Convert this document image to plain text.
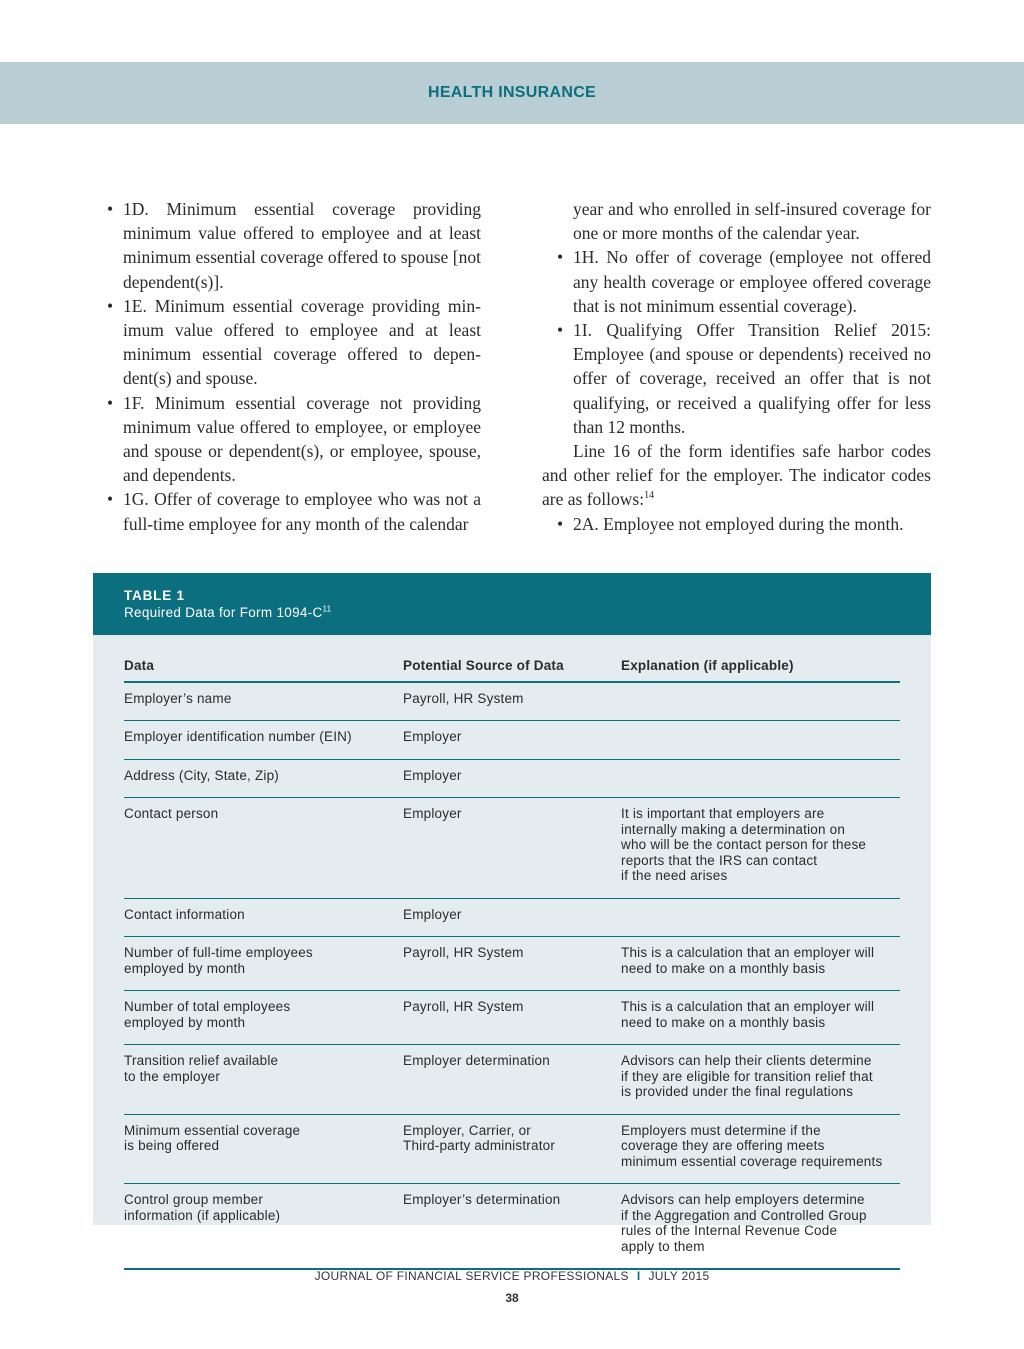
HEALTH INSURANCE
• 1D. Minimum essential coverage providing minimum value offered to employee and at least minimum essential coverage offered to spouse [not dependent(s)].
• 1E. Minimum essential coverage providing minimum value offered to employee and at least minimum essential coverage offered to dependent(s) and spouse.
• 1F. Minimum essential coverage not providing minimum value offered to employee, or employee and spouse or dependent(s), or employee, spouse, and dependents.
• 1G. Offer of coverage to employee who was not a full-time employee for any month of the calendar

year and who enrolled in self-insured coverage for one or more months of the calendar year.

• 1H. No offer of coverage (employee not offered any health coverage or employee offered coverage that is not minimum essential coverage).
• 1I. Qualifying Offer Transition Relief 2015: Employee (and spouse or dependents) received no offer of coverage, received an offer that is not qualifying, or received a qualifying offer for less than 12 months.

Line 16 of the form identifies safe harbor codes and other relief for the employer. The indicator codes are as follows:$^{14}$

• 2A. Employee not employed during the month.
TABLE 1
Required Data for Form $1094-C^{11}$
Data	Potential Source of Data	Explanation (if applicable)

Employer’s name	Payroll, HR System	

Employer identification number (EIN)	Employer	

Address (City, State, Zip)	Employer	

Contact person	Employer	It is important that employers are
internally making a determination on
who will be the contact person for these
reports that the IRS can contact
if the need arises

Contact information	Employer	

Number of full-time employees
employed by month	Payroll, HR System	This is a calculation that an employer will
need to make on a monthly basis

Number of total employees
employed by month	Payroll, HR System	This is a calculation that an employer will
need to make on a monthly basis

Transition relief available
to the employer	Employer determination	Advisors can help their clients determine
if they are eligible for transition relief that
is provided under the final regulations

Minimum essential coverage
is being offered	Employer, Carrier, or
Third-party administrator	Employers must determine if the
coverage they are offering meets
minimum essential coverage requirements

Control group member
information (if applicable)	Employer’s determination	Advisors can help employers determine
if the Aggregation and Controlled Group
rules of the Internal Revenue Code
apply to them
JOURNAL OF FINANCIAL SERVICE PROFESSIONALS I JULY 2015
38
